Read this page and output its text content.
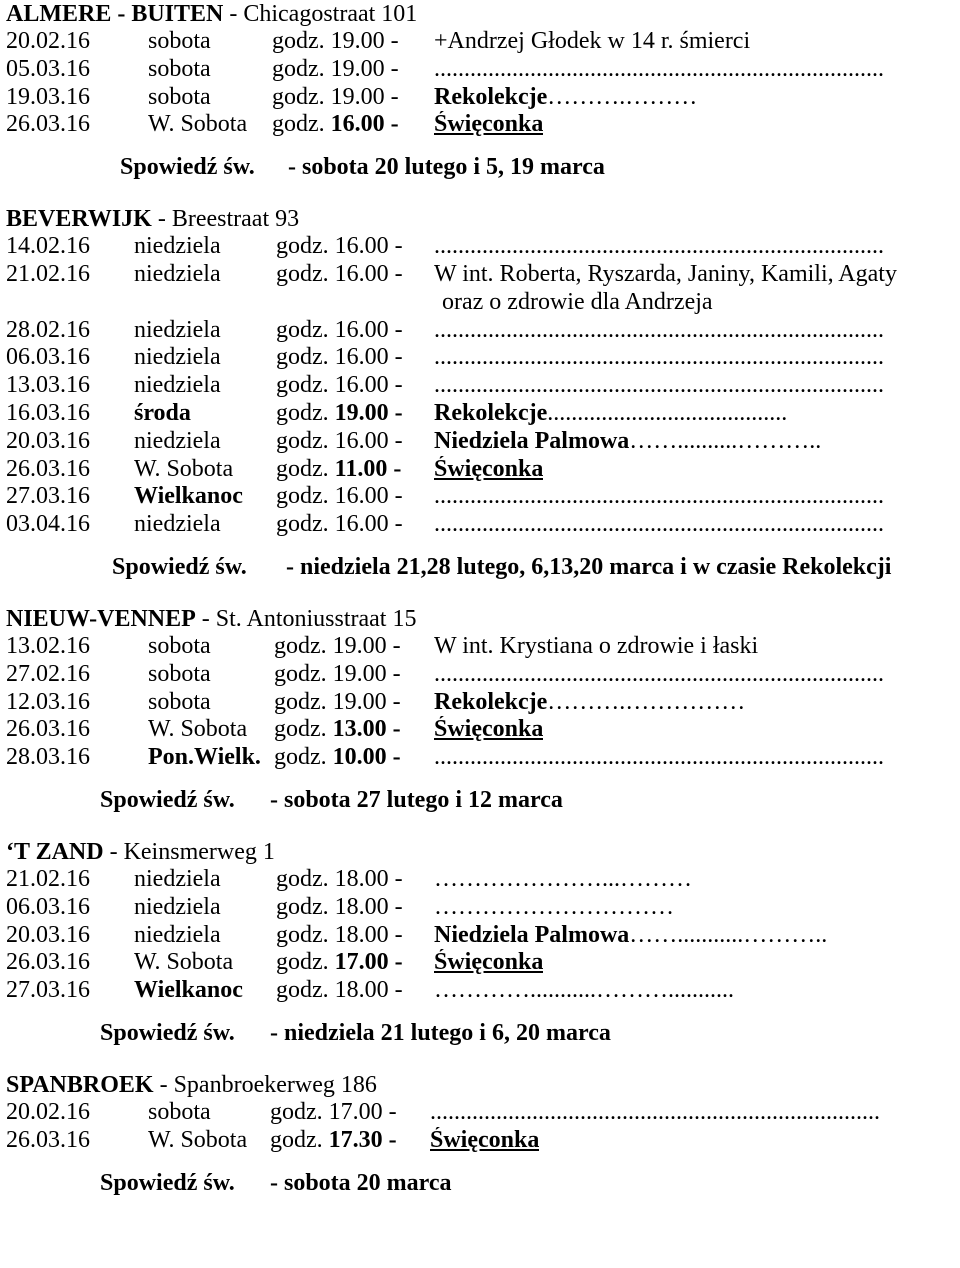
ALMERE - BUITEN - Chicagostraat 101
20.02.16 sobota	godz. 19.00 - +Andrzej Głodek w 14 r. śmierci
05.03.16 sobota	godz. 19.00 - ...........................................................................
19.03.16 sobota	godz. 19.00 - Rekolekcje……….………
26.03.16 W. Sobota godz. 16.00 - Święconka
Spowiedź św. - sobota 20 lutego i 5, 19 marca
BEVERWIJK - Breestraat 93
14.02.16 niedziela godz. 16.00 - ...........................................................................
21.02.16 niedziela godz. 16.00 - W int. Roberta, Ryszarda, Janiny, Kamili, Agaty
oraz o zdrowie dla Andrzeja
28.02.16 niedziela godz. 16.00 - ...........................................................................
06.03.16 niedziela godz. 16.00 - ...........................................................................
13.03.16 niedziela godz. 16.00 - ...........................................................................
16.03.16 środa	godz. 19.00 - Rekolekcje........................................
20.03.16 niedziela godz. 16.00 - Niedziela Palmowa……..........………..
26.03.16 W. Sobota godz. 11.00 - Święconka
27.03.16 Wielkanoc godz. 16.00 - ...........................................................................
03.04.16 niedziela godz. 16.00 - ...........................................................................
Spowiedź św. - niedziela 21,28 lutego, 6,13,20 marca i w czasie Rekolekcji
NIEUW-VENNEP - St. Antoniusstraat 15
13.02.16 sobota	godz. 19.00 - W int. Krystiana o zdrowie i łaski
27.02.16 sobota	godz. 19.00 - ...........................................................................
12.03.16 sobota	godz. 19.00 - Rekolekcje……….……………
26.03.16 W. Sobota godz. 13.00 - Święconka
28.03.16 Pon.Wielk. godz. 10.00 - ...........................................................................
Spowiedź św. - sobota 27 lutego i 12 marca
‘T ZAND - Keinsmerweg 1
21.02.16 niedziela godz. 18.00 - …………………...………
06.03.16 niedziela godz. 18.00 - …………………………
20.03.16 niedziela godz. 18.00 - Niedziela Palmowa……...........………..
26.03.16 W. Sobota godz. 17.00 - Święconka
27.03.16 Wielkanoc godz. 18.00 - …………...........………...........
Spowiedź św. - niedziela 21 lutego i 6, 20 marca
SPANBROEK - Spanbroekerweg 186
20.02.16 sobota godz. 17.00 - ...........................................................................
26.03.16 W. Sobota godz. 17.30 - Święconka
Spowiedź św. - sobota 20 marca
